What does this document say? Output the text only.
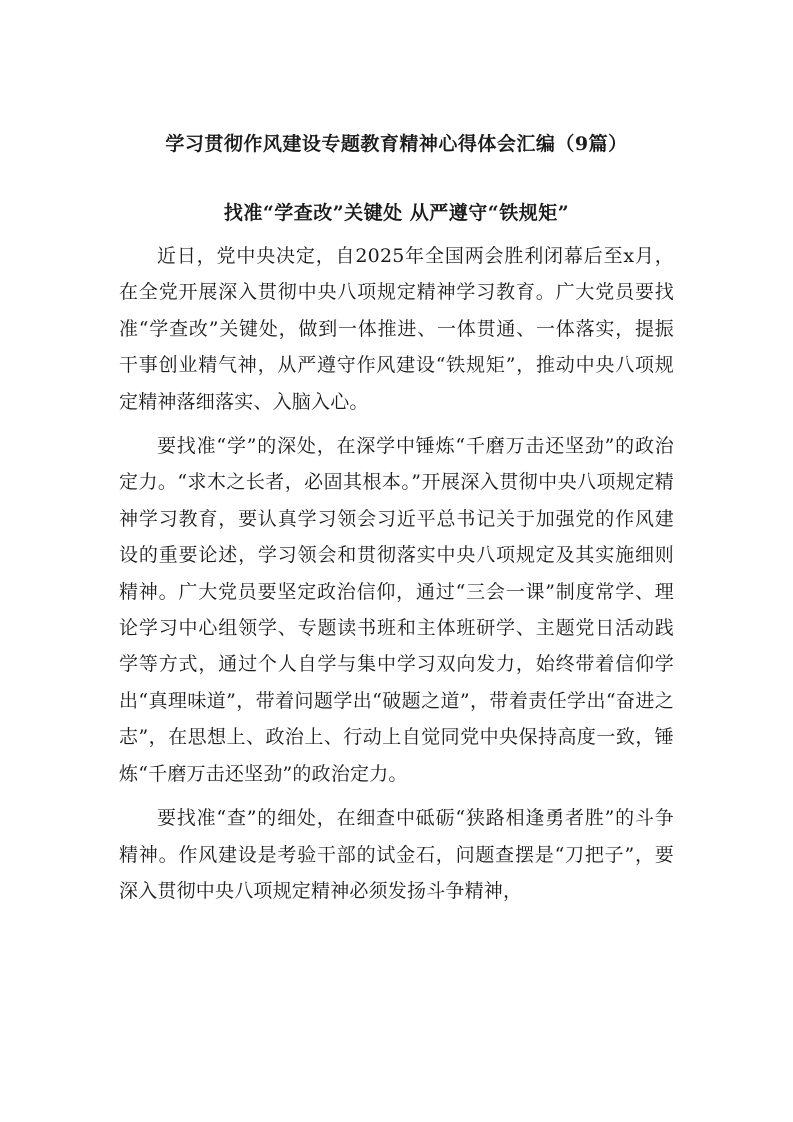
学习贯彻作风建设专题教育精神心得体会汇编（9篇）
找准“学查改”关键处 从严遵守“铁规矩”

近日，党中央决定，自2025年全国两会胜利闭幕后至x月，在全党开展深入贯彻中央八项规定精神学习教育。广大党员要找准“学查改”关键处，做到一体推进、一体贯通、一体落实，提振干事创业精气神，从严遵守作风建设“铁规矩”，推动中央八项规定精神落细落实、入脑入心。

要找准“学”的深处，在深学中锤炼“千磨万击还坚劲”的政治定力。“求木之长者，必固其根本。”开展深入贯彻中央八项规定精神学习教育，要认真学习领会习近平总书记关于加强党的作风建设的重要论述，学习领会和贯彻落实中央八项规定及其实施细则精神。广大党员要坚定政治信仰，通过“三会一课”制度常学、理论学习中心组领学、专题读书班和主体班研学、主题党日活动践学等方式，通过个人自学与集中学习双向发力，始终带着信仰学出“真理味道”，带着问题学出“破题之道”，带着责任学出“奋进之志”，在思想上、政治上、行动上自觉同党中央保持高度一致，锤炼“千磨万击还坚劲”的政治定力。

要找准“查”的细处，在细查中砥砺“狭路相逢勇者胜”的斗争精神。作风建设是考验干部的试金石，问题查摆是“刀把子”，要深入贯彻中央八项规定精神必须发扬斗争精神，
